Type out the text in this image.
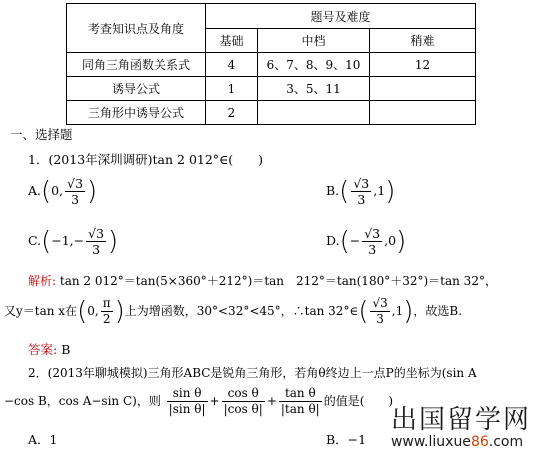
考查知识点及角度	题号及难度		
	基础	中档	稍难
同角三角函数关系式	4	6、7、8、9、10	12
诱导公式	1	3、5、11	
三角形中诱导公式	2		
一、选择题
1．(2013年深圳调研)tan 2 012°∈(　　)
A.(0, $\frac{√3}{3}$ )	$B.( \frac{√3}{3} ,1)$
$C.(-1,- \frac{√3}{3}$ )	$D.(- \frac{√3}{3} ,0)$
解析: tan 2 012°＝tan(5×360°＋212°)＝tan　212°＝tan(180°＋32°)＝tan 32°，
又y＝tan x在(0, $\frac{\pi}{2}$ )上为增函数，30°<32°<45°，∴tan 32°∈( $\frac{√3}{3} ,1$)，故选B.
答案: B
2．(2013年聊城模拟)三角形ABC是锐角三角形，若角θ终边上一点P的坐标为(sin A
−cos B，cos A−sin C)，则 $\frac{\text{sin θ}}{\text{|sin θ|}} + \frac{\text{cos θ}}{\text{|cos θ|}} + \frac{\text{tan θ}}{\text{|tan θ|}}$ 的值是(　　)
A．1	B．−1
出国留学网
www.liuxue86.com
